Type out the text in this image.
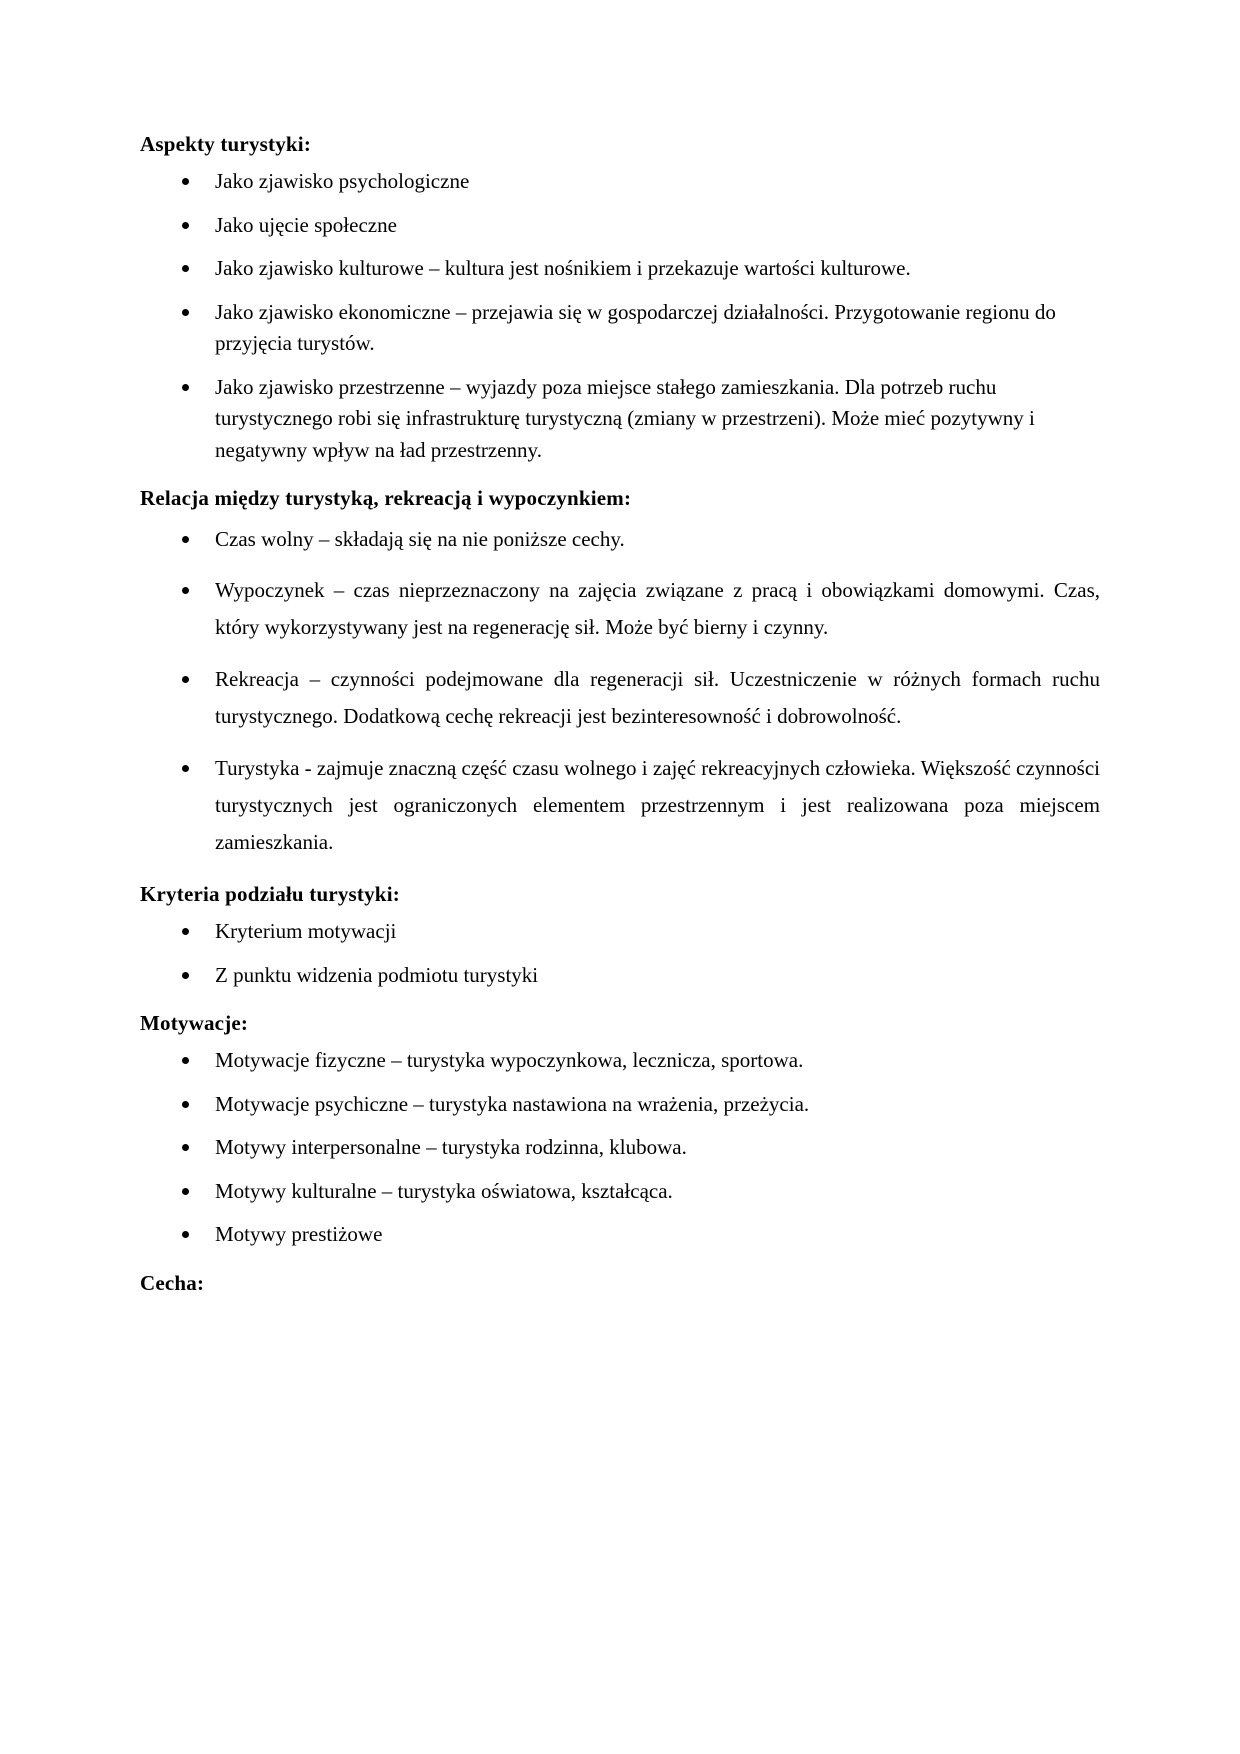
Aspekty turystyki:
Jako zjawisko psychologiczne
Jako ujęcie społeczne
Jako zjawisko kulturowe – kultura jest nośnikiem i przekazuje wartości kulturowe.
Jako zjawisko ekonomiczne – przejawia się w gospodarczej działalności. Przygotowanie regionu do przyjęcia turystów.
Jako zjawisko przestrzenne – wyjazdy poza miejsce stałego zamieszkania. Dla potrzeb ruchu turystycznego robi się infrastrukturę turystyczną (zmiany w przestrzeni). Może mieć pozytywny i negatywny wpływ na ład przestrzenny.
Relacja między turystyką, rekreacją i wypoczynkiem:
Czas wolny – składają się na nie poniższe cechy.
Wypoczynek – czas nieprzeznaczony na zajęcia związane z pracą i obowiązkami domowymi. Czas, który wykorzystywany jest na regenerację sił. Może być bierny i czynny.
Rekreacja – czynności podejmowane dla regeneracji sił. Uczestniczenie w różnych formach ruchu turystycznego. Dodatkową cechę rekreacji jest bezinteresowność i dobrowolność.
Turystyka - zajmuje znaczną część czasu wolnego i zajęć rekreacyjnych człowieka. Większość czynności turystycznych jest ograniczonych elementem przestrzennym i jest realizowana poza miejscem zamieszkania.
Kryteria podziału turystyki:
Kryterium motywacji
Z punktu widzenia podmiotu turystyki
Motywacje:
Motywacje fizyczne – turystyka wypoczynkowa, lecznicza, sportowa.
Motywacje psychiczne – turystyka nastawiona na wrażenia, przeżycia.
Motywy interpersonalne – turystyka rodzinna, klubowa.
Motywy kulturalne – turystyka oświatowa, kształcąca.
Motywy prestiżowe
Cecha:
